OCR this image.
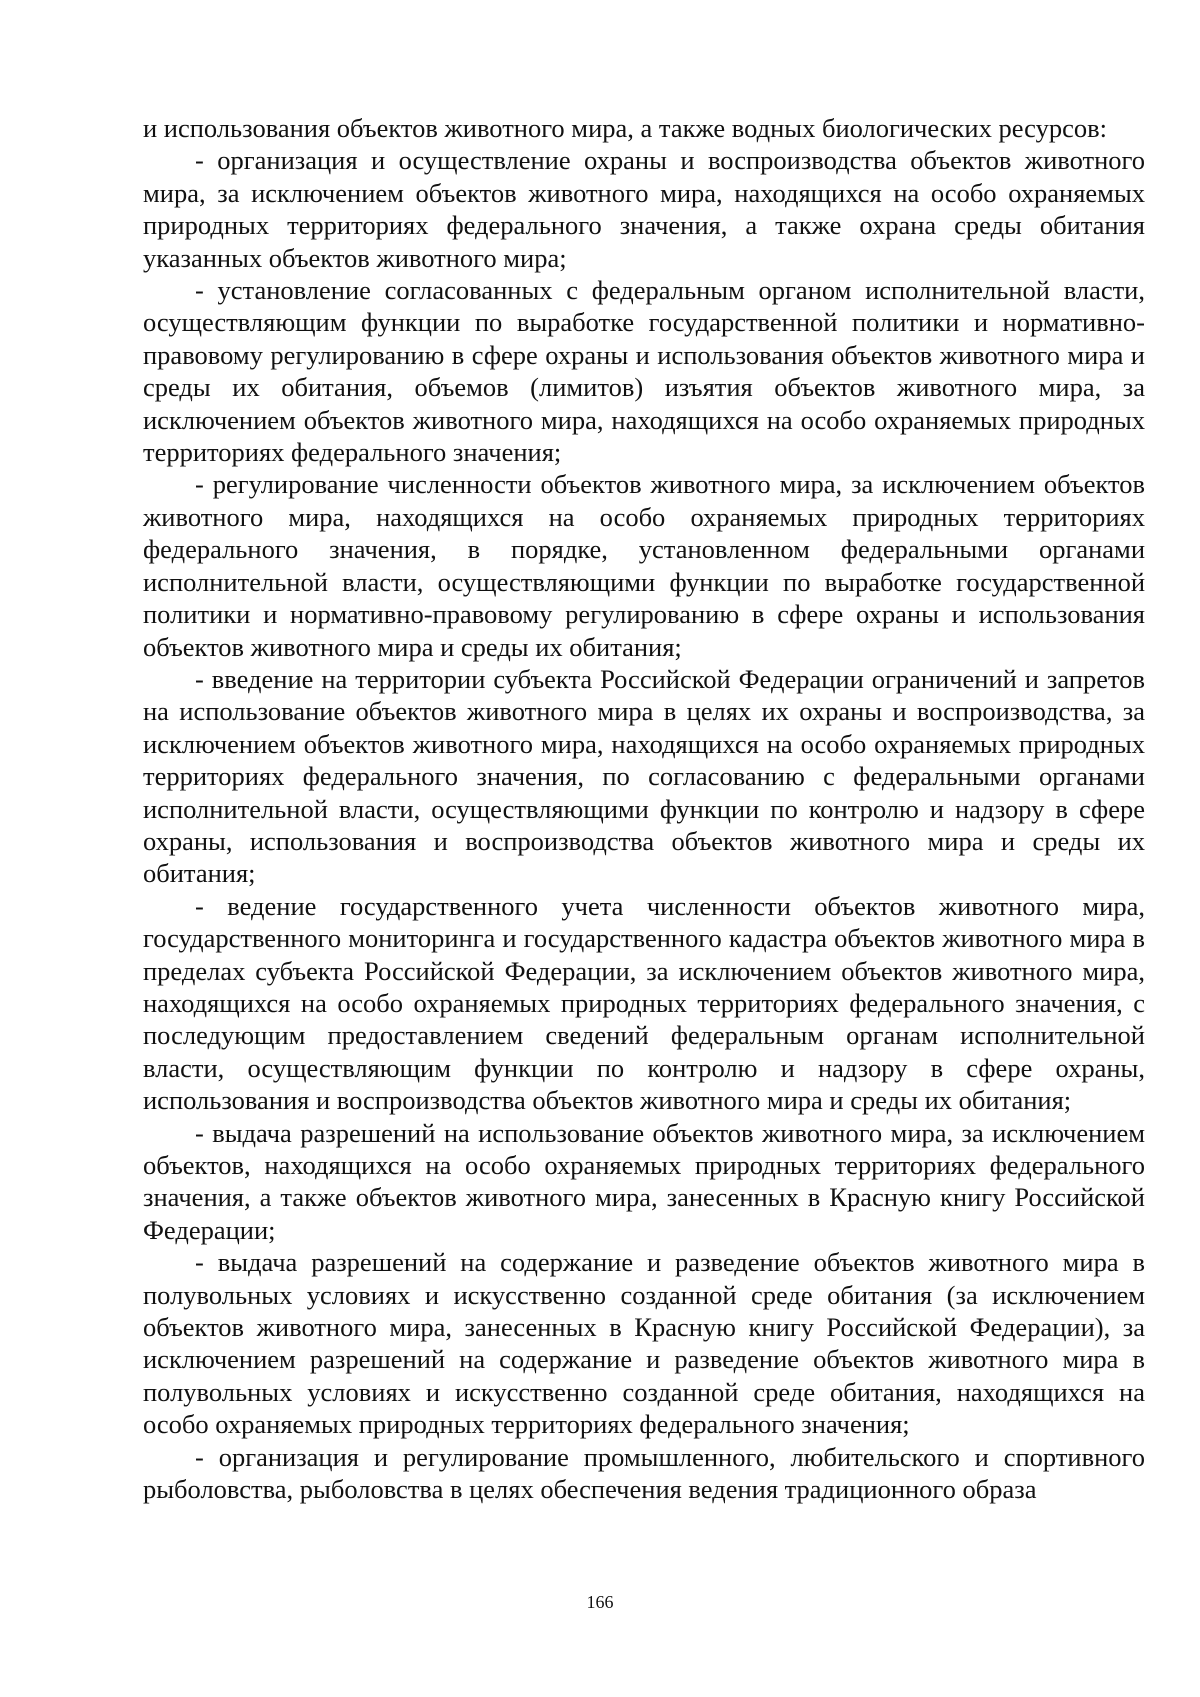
и использования объектов животного мира, а также водных биологических ресурсов:

- организация и осуществление охраны и воспроизводства объектов животного мира, за исключением объектов животного мира, находящихся на особо охраняемых природных территориях федерального значения, а также охрана среды обитания указанных объектов животного мира;

- установление согласованных с федеральным органом исполнительной власти, осуществляющим функции по выработке государственной политики и нормативно-правовому регулированию в сфере охраны и использования объектов животного мира и среды их обитания, объемов (лимитов) изъятия объектов животного мира, за исключением объектов животного мира, находящихся на особо охраняемых природных территориях федерального значения;

- регулирование численности объектов животного мира, за исключением объектов животного мира, находящихся на особо охраняемых природных территориях федерального значения, в порядке, установленном федеральными органами исполнительной власти, осуществляющими функции по выработке государственной политики и нормативно-правовому регулированию в сфере охраны и использования объектов животного мира и среды их обитания;

- введение на территории субъекта Российской Федерации ограничений и запретов на использование объектов животного мира в целях их охраны и воспроизводства, за исключением объектов животного мира, находящихся на особо охраняемых природных территориях федерального значения, по согласованию с федеральными органами исполнительной власти, осуществляющими функции по контролю и надзору в сфере охраны, использования и воспроизводства объектов животного мира и среды их обитания;

- ведение государственного учета численности объектов животного мира, государственного мониторинга и государственного кадастра объектов животного мира в пределах субъекта Российской Федерации, за исключением объектов животного мира, находящихся на особо охраняемых природных территориях федерального значения, с последующим предоставлением сведений федеральным органам исполнительной власти, осуществляющим функции по контролю и надзору в сфере охраны, использования и воспроизводства объектов животного мира и среды их обитания;

- выдача разрешений на использование объектов животного мира, за исключением объектов, находящихся на особо охраняемых природных территориях федерального значения, а также объектов животного мира, занесенных в Красную книгу Российской Федерации;

- выдача разрешений на содержание и разведение объектов животного мира в полувольных условиях и искусственно созданной среде обитания (за исключением объектов животного мира, занесенных в Красную книгу Российской Федерации), за исключением разрешений на содержание и разведение объектов животного мира в полувольных условиях и искусственно созданной среде обитания, находящихся на особо охраняемых природных территориях федерального значения;

- организация и регулирование промышленного, любительского и спортивного рыболовства, рыболовства в целях обеспечения ведения традиционного образа

166
